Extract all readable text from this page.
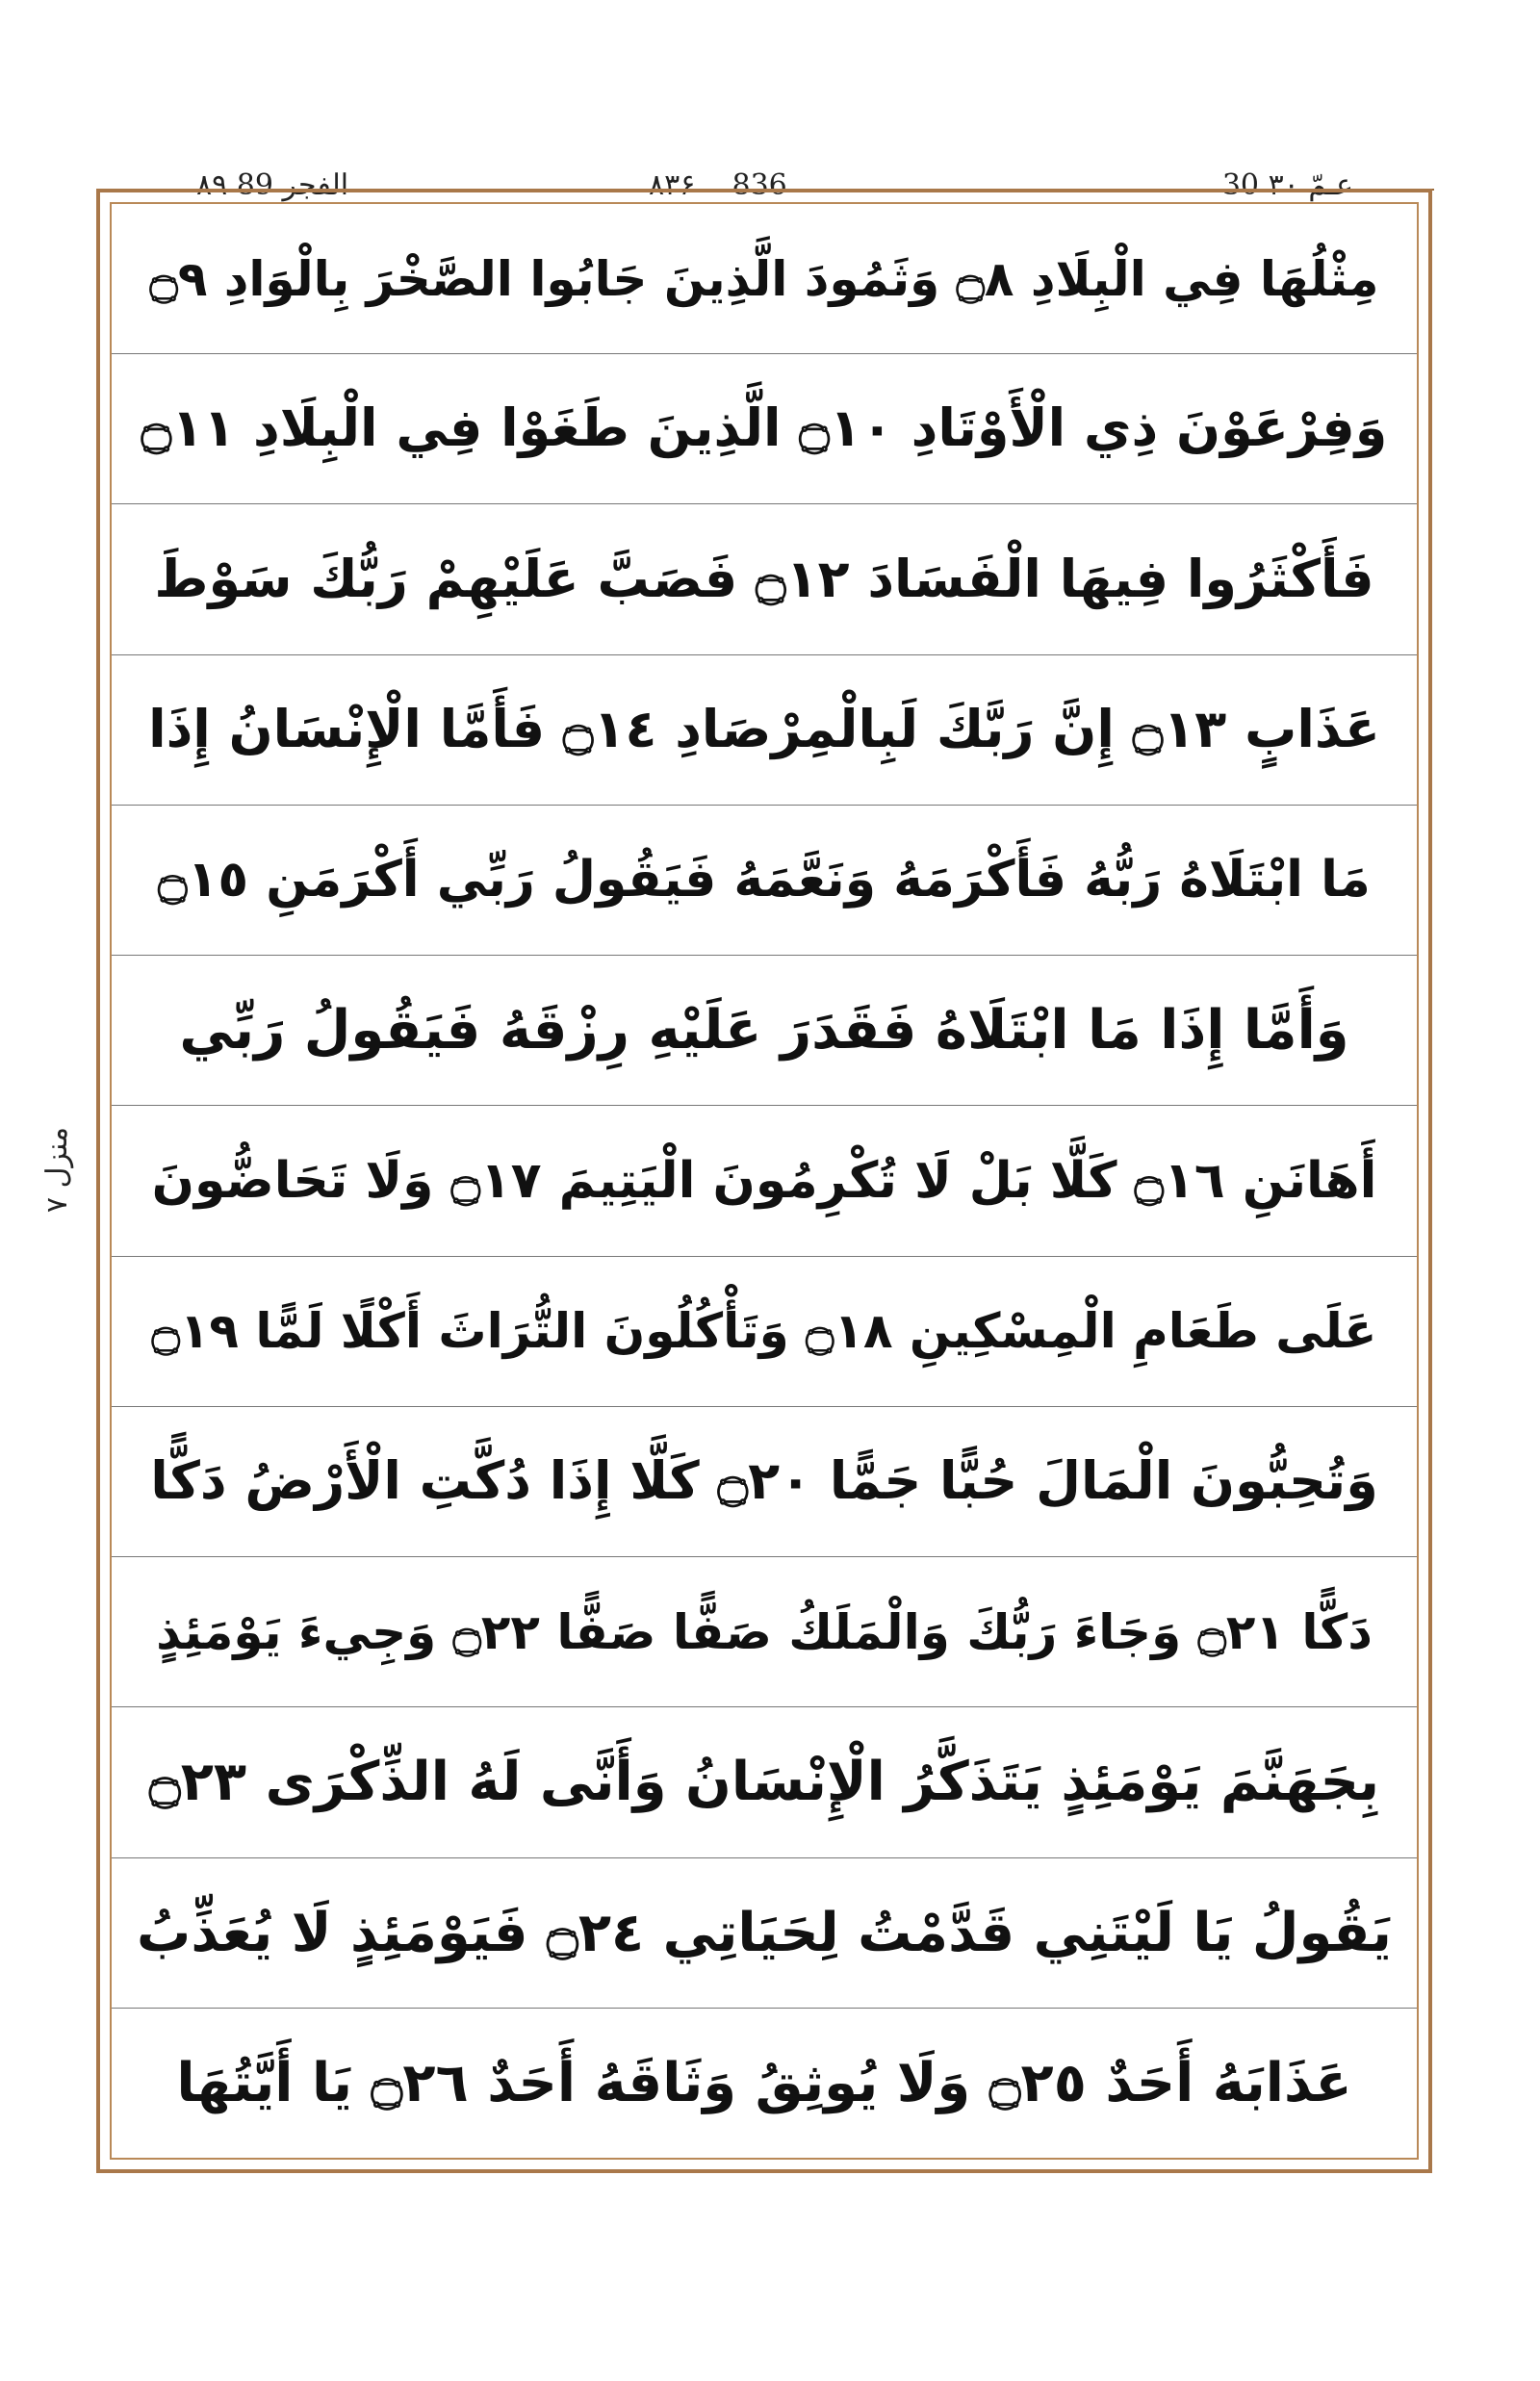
۸۹ الفجر 89	۸۳۶ 836	30 عـمّ ۳۰
منزل ۷
مِثْلُهَا فِي الْبِلَادِ ۝٨ وَثَمُودَ الَّذِينَ جَابُوا الصَّخْرَ بِالْوَادِ ۝٩
وَفِرْعَوْنَ ذِي الْأَوْتَادِ ۝١٠ الَّذِينَ طَغَوْا فِي الْبِلَادِ ۝١١
فَأَكْثَرُوا فِيهَا الْفَسَادَ ۝١٢ فَصَبَّ عَلَيْهِمْ رَبُّكَ سَوْطَ
عَذَابٍ ۝١٣ إِنَّ رَبَّكَ لَبِالْمِرْصَادِ ۝١٤ فَأَمَّا الْإِنْسَانُ إِذَا
مَا ابْتَلَاهُ رَبُّهُ فَأَكْرَمَهُ وَنَعَّمَهُ فَيَقُولُ رَبِّي أَكْرَمَنِ ۝١٥
وَأَمَّا إِذَا مَا ابْتَلَاهُ فَقَدَرَ عَلَيْهِ رِزْقَهُ فَيَقُولُ رَبِّي
أَهَانَنِ ۝١٦ كَلَّا بَلْ لَا تُكْرِمُونَ الْيَتِيمَ ۝١٧ وَلَا تَحَاضُّونَ
عَلَى طَعَامِ الْمِسْكِينِ ۝١٨ وَتَأْكُلُونَ التُّرَاثَ أَكْلًا لَمًّا ۝١٩
وَتُحِبُّونَ الْمَالَ حُبًّا جَمًّا ۝٢٠ كَلَّا إِذَا دُكَّتِ الْأَرْضُ دَكًّا
دَكًّا ۝٢١ وَجَاءَ رَبُّكَ وَالْمَلَكُ صَفًّا صَفًّا ۝٢٢ وَجِيءَ يَوْمَئِذٍ
بِجَهَنَّمَ يَوْمَئِذٍ يَتَذَكَّرُ الْإِنْسَانُ وَأَنَّى لَهُ الذِّكْرَى ۝٢٣
يَقُولُ يَا لَيْتَنِي قَدَّمْتُ لِحَيَاتِي ۝٢٤ فَيَوْمَئِذٍ لَا يُعَذِّبُ
عَذَابَهُ أَحَدٌ ۝٢٥ وَلَا يُوثِقُ وَثَاقَهُ أَحَدٌ ۝٢٦ يَا أَيَّتُهَا
